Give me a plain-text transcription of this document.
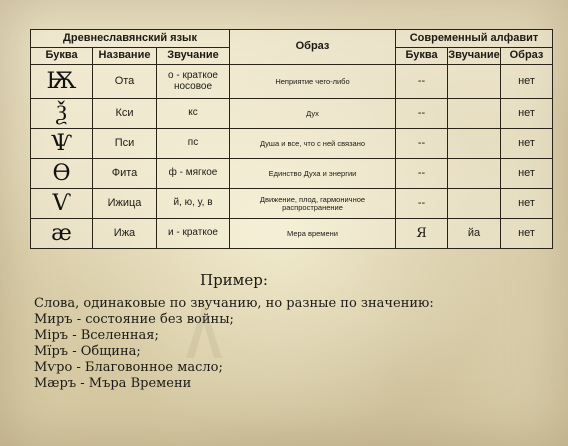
Древнеславянский язык			Образ	Современный алфавит		
Буква	Название	Звучание		Буква	Звучание	Образ
Ѭ	Ота	о - краткое носовое	Неприятие чего-либо	--		нет
Ѯ	Кси	кс	Дух	--		нет
Ѱ	Пси	пс	Душа и все, что с ней связано	--		нет
Ѳ	Фита	ф - мягкое	Единство Духа и энергии	--		нет
Ѵ	Ижица	й, ю, у, в	Движение, плод, гармоничное распространение	--		нет
æ	Ижа	и - краткое	Мера времени	Я	йа	нет
Пример:
Слова, одинаковые по звучанию, но разные по значению:
Миръ - состояние без войны;
Мiръ - Вселенная;
Мїръ - Община;
Мѵро - Благовонное масло;
Мæръ - Мъра Времени
